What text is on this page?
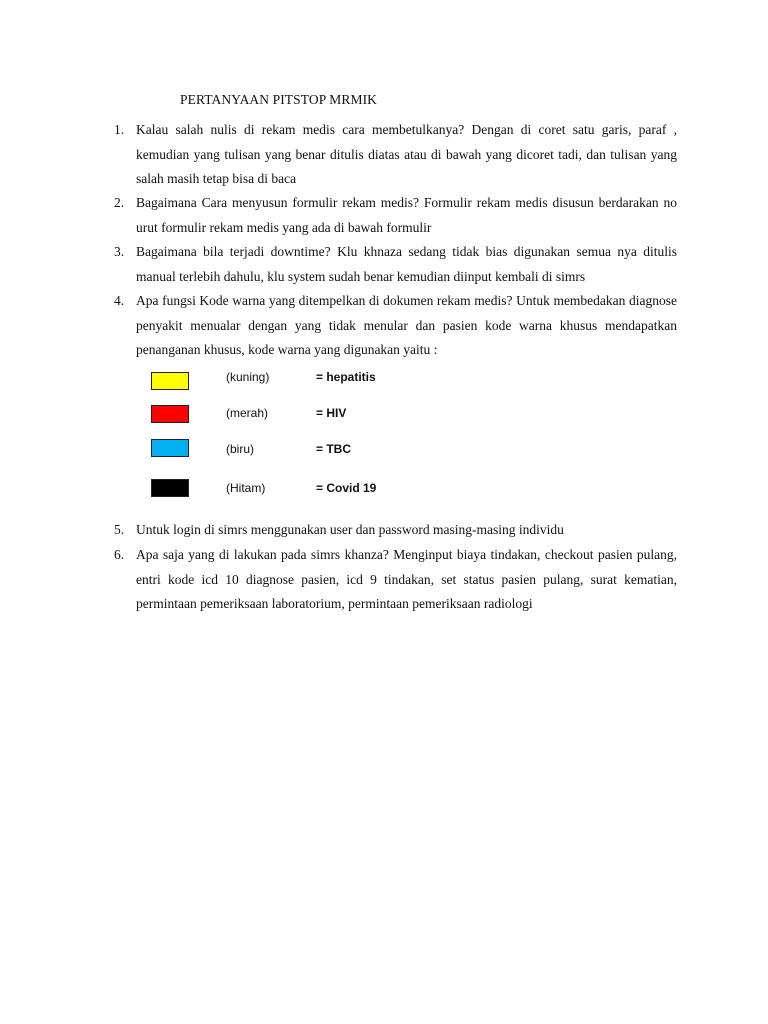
PERTANYAAN PITSTOP MRMIK
1. Kalau salah nulis di rekam medis cara membetulkanya? Dengan di coret satu garis, paraf , kemudian yang tulisan yang benar ditulis diatas atau di bawah yang dicoret tadi, dan tulisan yang salah masih tetap bisa di baca
2. Bagaimana Cara menyusun formulir rekam medis? Formulir rekam medis disusun berdarakan no urut formulir rekam medis yang ada di bawah formulir
3. Bagaimana bila terjadi downtime? Klu khnaza sedang tidak bias digunakan semua nya ditulis manual terlebih dahulu, klu system sudah benar kemudian diinput kembali di simrs
4. Apa fungsi Kode warna yang ditempelkan di dokumen rekam medis? Untuk membedakan diagnose penyakit menualar dengan yang tidak menular dan pasien kode warna khusus mendapatkan penanganan khusus, kode warna yang digunakan yaitu :
(kuning)	= hepatitis
(merah)	= HIV
(biru)	= TBC
(Hitam)	= Covid 19
5. Untuk login di simrs menggunakan user dan password masing-masing individu
6. Apa saja yang di lakukan pada simrs khanza? Menginput biaya tindakan, checkout pasien pulang, entri kode icd 10 diagnose pasien, icd 9 tindakan, set status pasien pulang, surat kematian, permintaan pemeriksaan laboratorium, permintaan pemeriksaan radiologi
